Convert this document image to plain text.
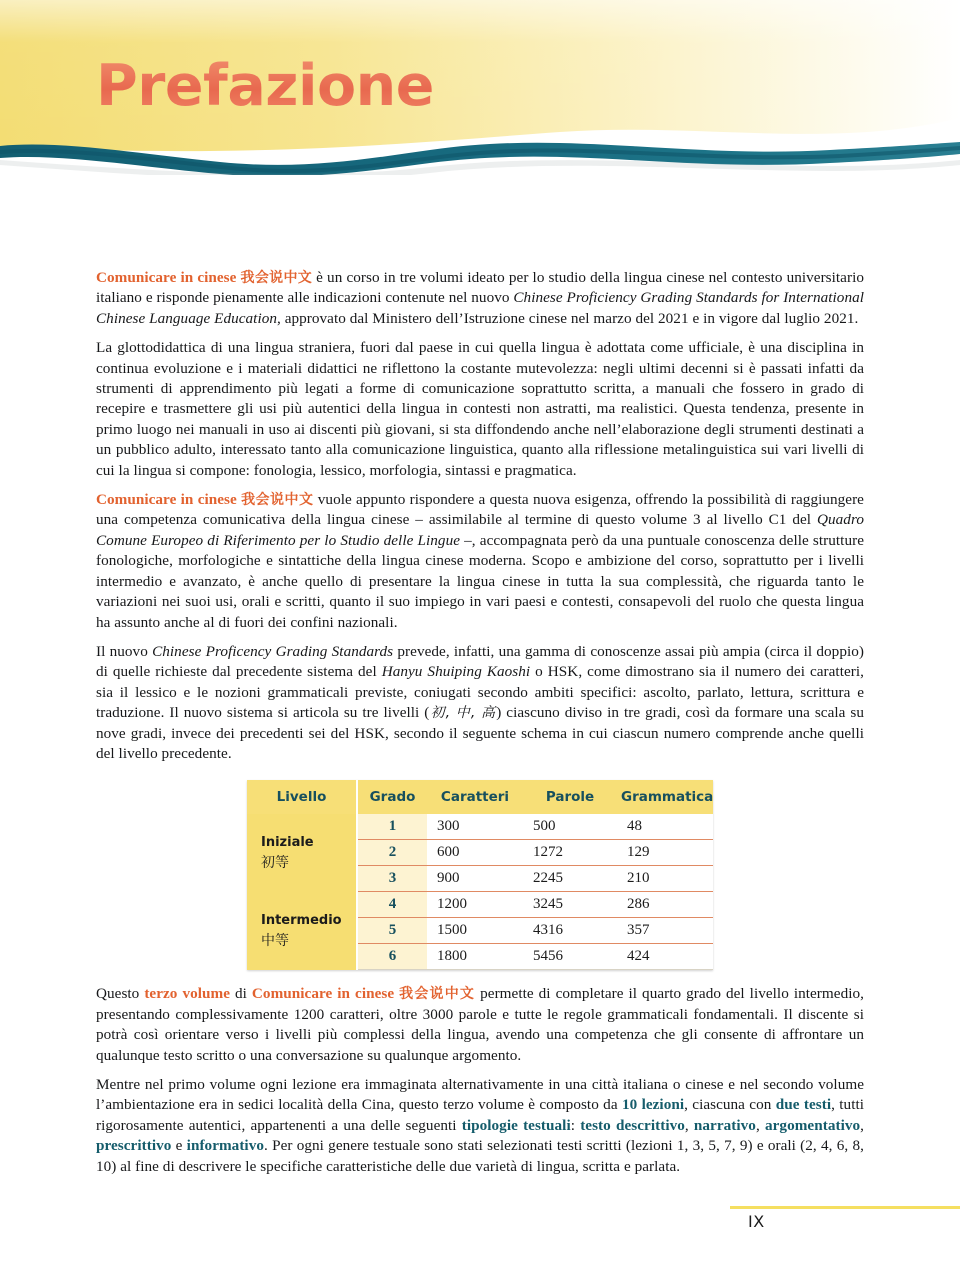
Prefazione

Comunicare in cinese 我会说中文 è un corso in tre volumi ideato per lo studio della lingua cinese nel contesto universitario italiano e risponde pienamente alle indicazioni contenute nel nuovo Chinese Proficiency Grading Standards for International Chinese Language Education, approvato dal Ministero dell’Istruzione cinese nel marzo del 2021 e in vigore dal luglio 2021.

La glottodidattica di una lingua straniera, fuori dal paese in cui quella lingua è adottata come ufficiale, è una disciplina in continua evoluzione e i materiali didattici ne riflettono la costante mutevolezza: negli ultimi decenni si è passati infatti da strumenti di apprendimento più legati a forme di comunicazione soprattutto scritta, a manuali che fossero in grado di recepire e trasmettere gli usi più autentici della lingua in contesti non astratti, ma realistici. Questa tendenza, presente in primo luogo nei manuali in uso ai discenti più giovani, si sta diffondendo anche nell’elaborazione degli strumenti destinati a un pubblico adulto, interessato tanto alla comunicazione linguistica, quanto alla riflessione metalinguistica sui vari livelli di cui la lingua si compone: fonologia, lessico, morfologia, sintassi e pragmatica.

Comunicare in cinese 我会说中文 vuole appunto rispondere a questa nuova esigenza, offrendo la possibilità di raggiungere una competenza comunicativa della lingua cinese – assimilabile al termine di questo volume 3 al livello C1 del Quadro Comune Europeo di Riferimento per lo Studio delle Lingue –, accompagnata però da una puntuale conoscenza delle strutture fonologiche, morfologiche e sintattiche della lingua cinese moderna. Scopo e ambizione del corso, soprattutto per i livelli intermedio e avanzato, è anche quello di presentare la lingua cinese in tutta la sua complessità, che riguarda tanto le variazioni nei suoi usi, orali e scritti, quanto il suo impiego in vari paesi e contesti, consapevoli del ruolo che questa lingua ha assunto anche al di fuori dei confini nazionali.

Il nuovo Chinese Proficency Grading Standards prevede, infatti, una gamma di conoscenze assai più ampia (circa il doppio) di quelle richieste dal precedente sistema del Hanyu Shuiping Kaoshi o HSK, come dimostrano sia il numero dei caratteri, sia il lessico e le nozioni grammaticali previste, coniugati secondo ambiti specifici: ascolto, parlato, lettura, scrittura e traduzione. Il nuovo sistema si articola su tre livelli (初, 中, 高) ciascuno diviso in tre gradi, così da formare una scala su nove gradi, invece dei precedenti sei del HSK, secondo il seguente schema in cui ciascun numero comprende anche quelli del livello precedente.

Livello	Grado	Caratteri	Parole	Grammatica
Iniziale
初等	1	300	500	48
	2	600	1272	129
	3	900	2245	210
Intermedio
中等	4	1200	3245	286
	5	1500	4316	357
	6	1800	5456	424

Questo terzo volume di Comunicare in cinese 我会说中文 permette di completare il quarto grado del livello intermedio, presentando complessivamente 1200 caratteri, oltre 3000 parole e tutte le regole grammaticali fondamentali. Il discente si potrà così orientare verso i livelli più complessi della lingua, avendo una competenza che gli consente di affrontare un qualunque testo scritto o una conversazione su qualunque argomento.

Mentre nel primo volume ogni lezione era immaginata alternativamente in una città italiana o cinese e nel secondo volume l’ambientazione era in sedici località della Cina, questo terzo volume è composto da 10 lezioni, ciascuna con due testi, tutti rigorosamente autentici, appartenenti a una delle seguenti tipologie testuali: testo descrittivo, narrativo, argomentativo, prescrittivo e informativo. Per ogni genere testuale sono stati selezionati testi scritti (lezioni 1, 3, 5, 7, 9) e orali (2, 4, 6, 8, 10) al fine di descrivere le specifiche caratteristiche delle due varietà di lingua, scritta e parlata.

IX
